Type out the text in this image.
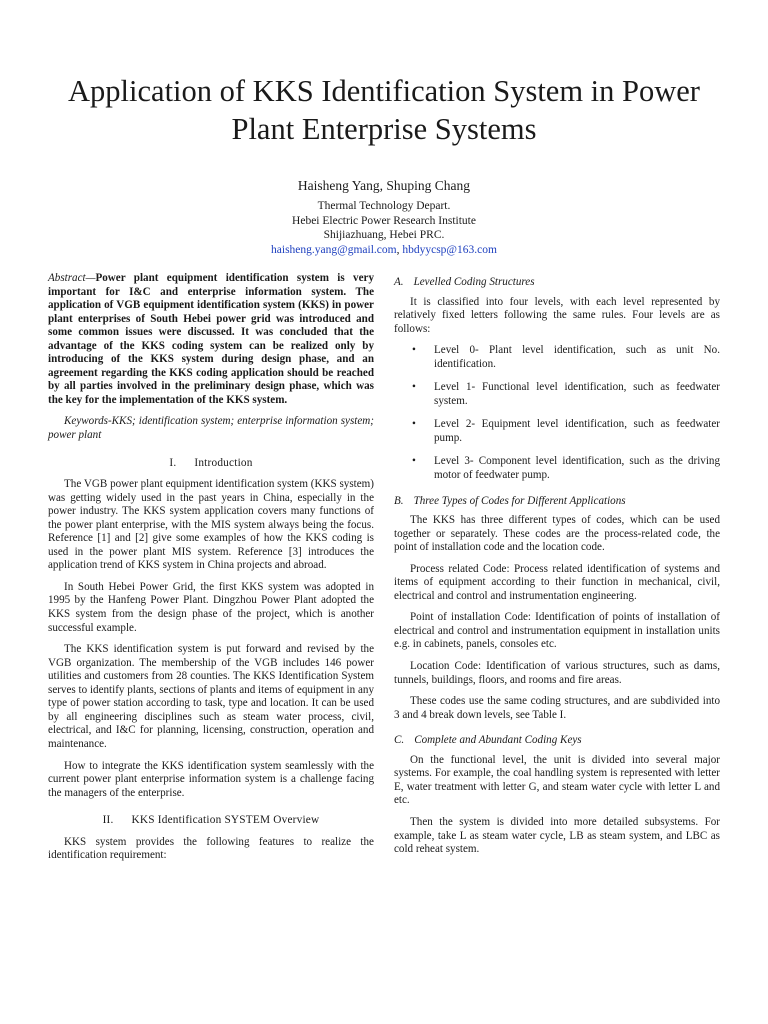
Application of KKS Identification System in Power Plant Enterprise Systems
Haisheng Yang, Shuping Chang
Thermal Technology Depart.
Hebei Electric Power Research Institute
Shijiazhuang, Hebei PRC.
haisheng.yang@gmail.com, hbdyycsp@163.com

Abstract—Power plant equipment identification system is very important for I&C and enterprise information system. The application of VGB equipment identification system (KKS) in power plant enterprises of South Hebei power grid was introduced and some common issues were discussed. It was concluded that the advantage of the KKS coding system can be realized only by introducing of the KKS system during design phase, and an agreement regarding the KKS coding application should be reached by all parties involved in the preliminary design phase, which was the key for the implementation of the KKS system.

Keywords-KKS; identification system; enterprise information system; power plant

I. Introduction

The VGB power plant equipment identification system (KKS system) was getting widely used in the past years in China, especially in the power industry. The KKS system application covers many functions of the power plant enterprise, with the MIS system always being the focus. Reference [1] and [2] give some examples of how the KKS coding is used in the power plant MIS system. Reference [3] introduces the application trend of KKS system in China projects and abroad.

In South Hebei Power Grid, the first KKS system was adopted in 1995 by the Hanfeng Power Plant. Dingzhou Power Plant adopted the KKS system from the design phase of the project, which is another successful example.

The KKS identification system is put forward and revised by the VGB organization. The membership of the VGB includes 146 power utilities and customers from 28 counties. The KKS Identification System serves to identify plants, sections of plants and items of equipment in any type of power station according to task, type and location. It can be used by all engineering disciplines such as steam water process, civil, electrical, and I&C for planning, licensing, construction, operation and maintenance.

How to integrate the KKS identification system seamlessly with the current power plant enterprise information system is a challenge facing the managers of the enterprise.

II. KKS Identification SYSTEM Overview

KKS system provides the following features to realize the identification requirement:

A. Levelled Coding Structures

It is classified into four levels, with each level represented by relatively fixed letters following the same rules. Four levels are as follows:

• Level 0- Plant level identification, such as unit No. identification.
• Level 1- Functional level identification, such as feedwater system.
• Level 2- Equipment level identification, such as feedwater pump.
• Level 3- Component level identification, such as the driving motor of feedwater pump.
B. Three Types of Codes for Different Applications

The KKS has three different types of codes, which can be used together or separately. These codes are the process-related code, the point of installation code and the location code.

Process related Code: Process related identification of systems and items of equipment according to their function in mechanical, civil, electrical and control and instrumentation engineering.

Point of installation Code: Identification of points of installation of electrical and control and instrumentation equipment in installation units e.g. in cabinets, panels, consoles etc.

Location Code: Identification of various structures, such as dams, tunnels, buildings, floors, and rooms and fire areas.

These codes use the same coding structures, and are subdivided into 3 and 4 break down levels, see Table I.

C. Complete and Abundant Coding Keys

On the functional level, the unit is divided into several major systems. For example, the coal handling system is represented with letter E, water treatment with letter G, and steam water cycle with letter L and etc.

Then the system is divided into more detailed subsystems. For example, take L as steam water cycle, LB as steam system, and LBC as cold reheat system.
